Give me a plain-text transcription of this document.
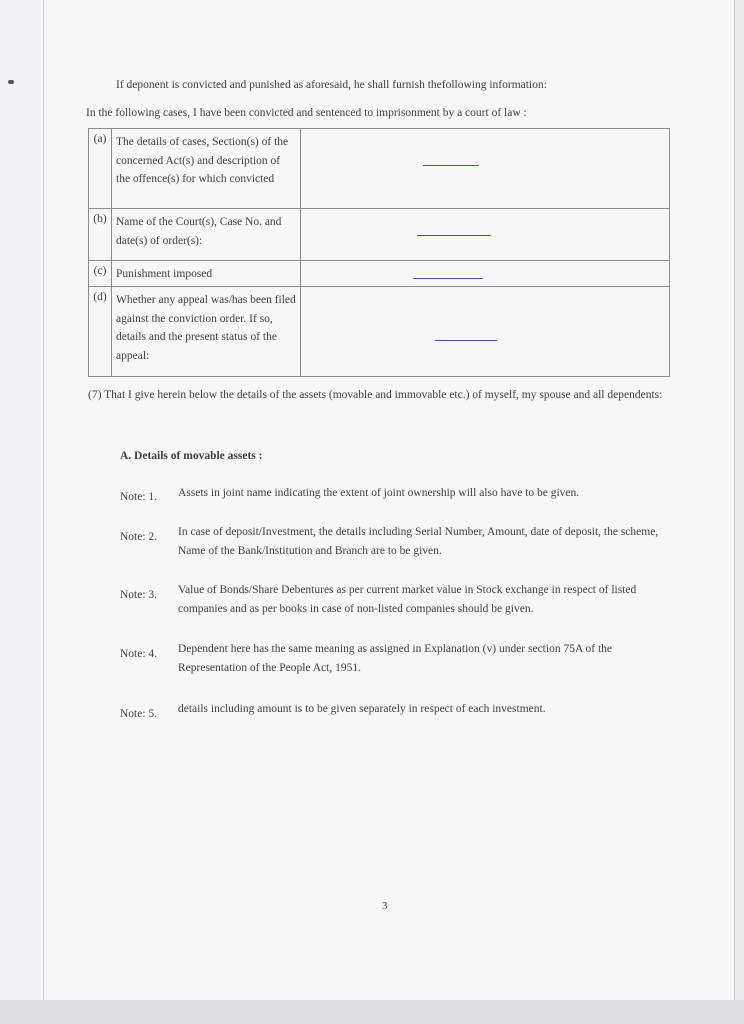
If deponent is convicted and punished as aforesaid, he shall furnish thefollowing information:
In the following cases, I have been convicted and sentenced to imprisonment by a court of law :
(a)	The details of cases, Section(s) of the concerned Act(s) and description of the offence(s) for which convicted	

(b)	Name of the Court(s), Case No. and date(s) of order(s):	

(c)	Punishment imposed	

(d)	Whether any appeal was/has been filed against the conviction order. If so, details and the present status of the appeal:	
(7) That I give herein below the details of the assets (movable and immovable etc.) of myself, my spouse and all dependents:
A. Details of movable assets :
Note: 1. Assets in joint name indicating the extent of joint ownership will also have to be given.
Note: 2. In case of deposit/Investment, the details including Serial Number, Amount, date of deposit, the scheme, Name of the Bank/Institution and Branch are to be given.
Note: 3. Value of Bonds/Share Debentures as per current market value in Stock exchange in respect of listed companies and as per books in case of non-listed companies should be given.
Note: 4. Dependent here has the same meaning as assigned in Explanation (v) under section 75A of the Representation of the People Act, 1951.
Note: 5. details including amount is to be given separately in respect of each investment.
3
